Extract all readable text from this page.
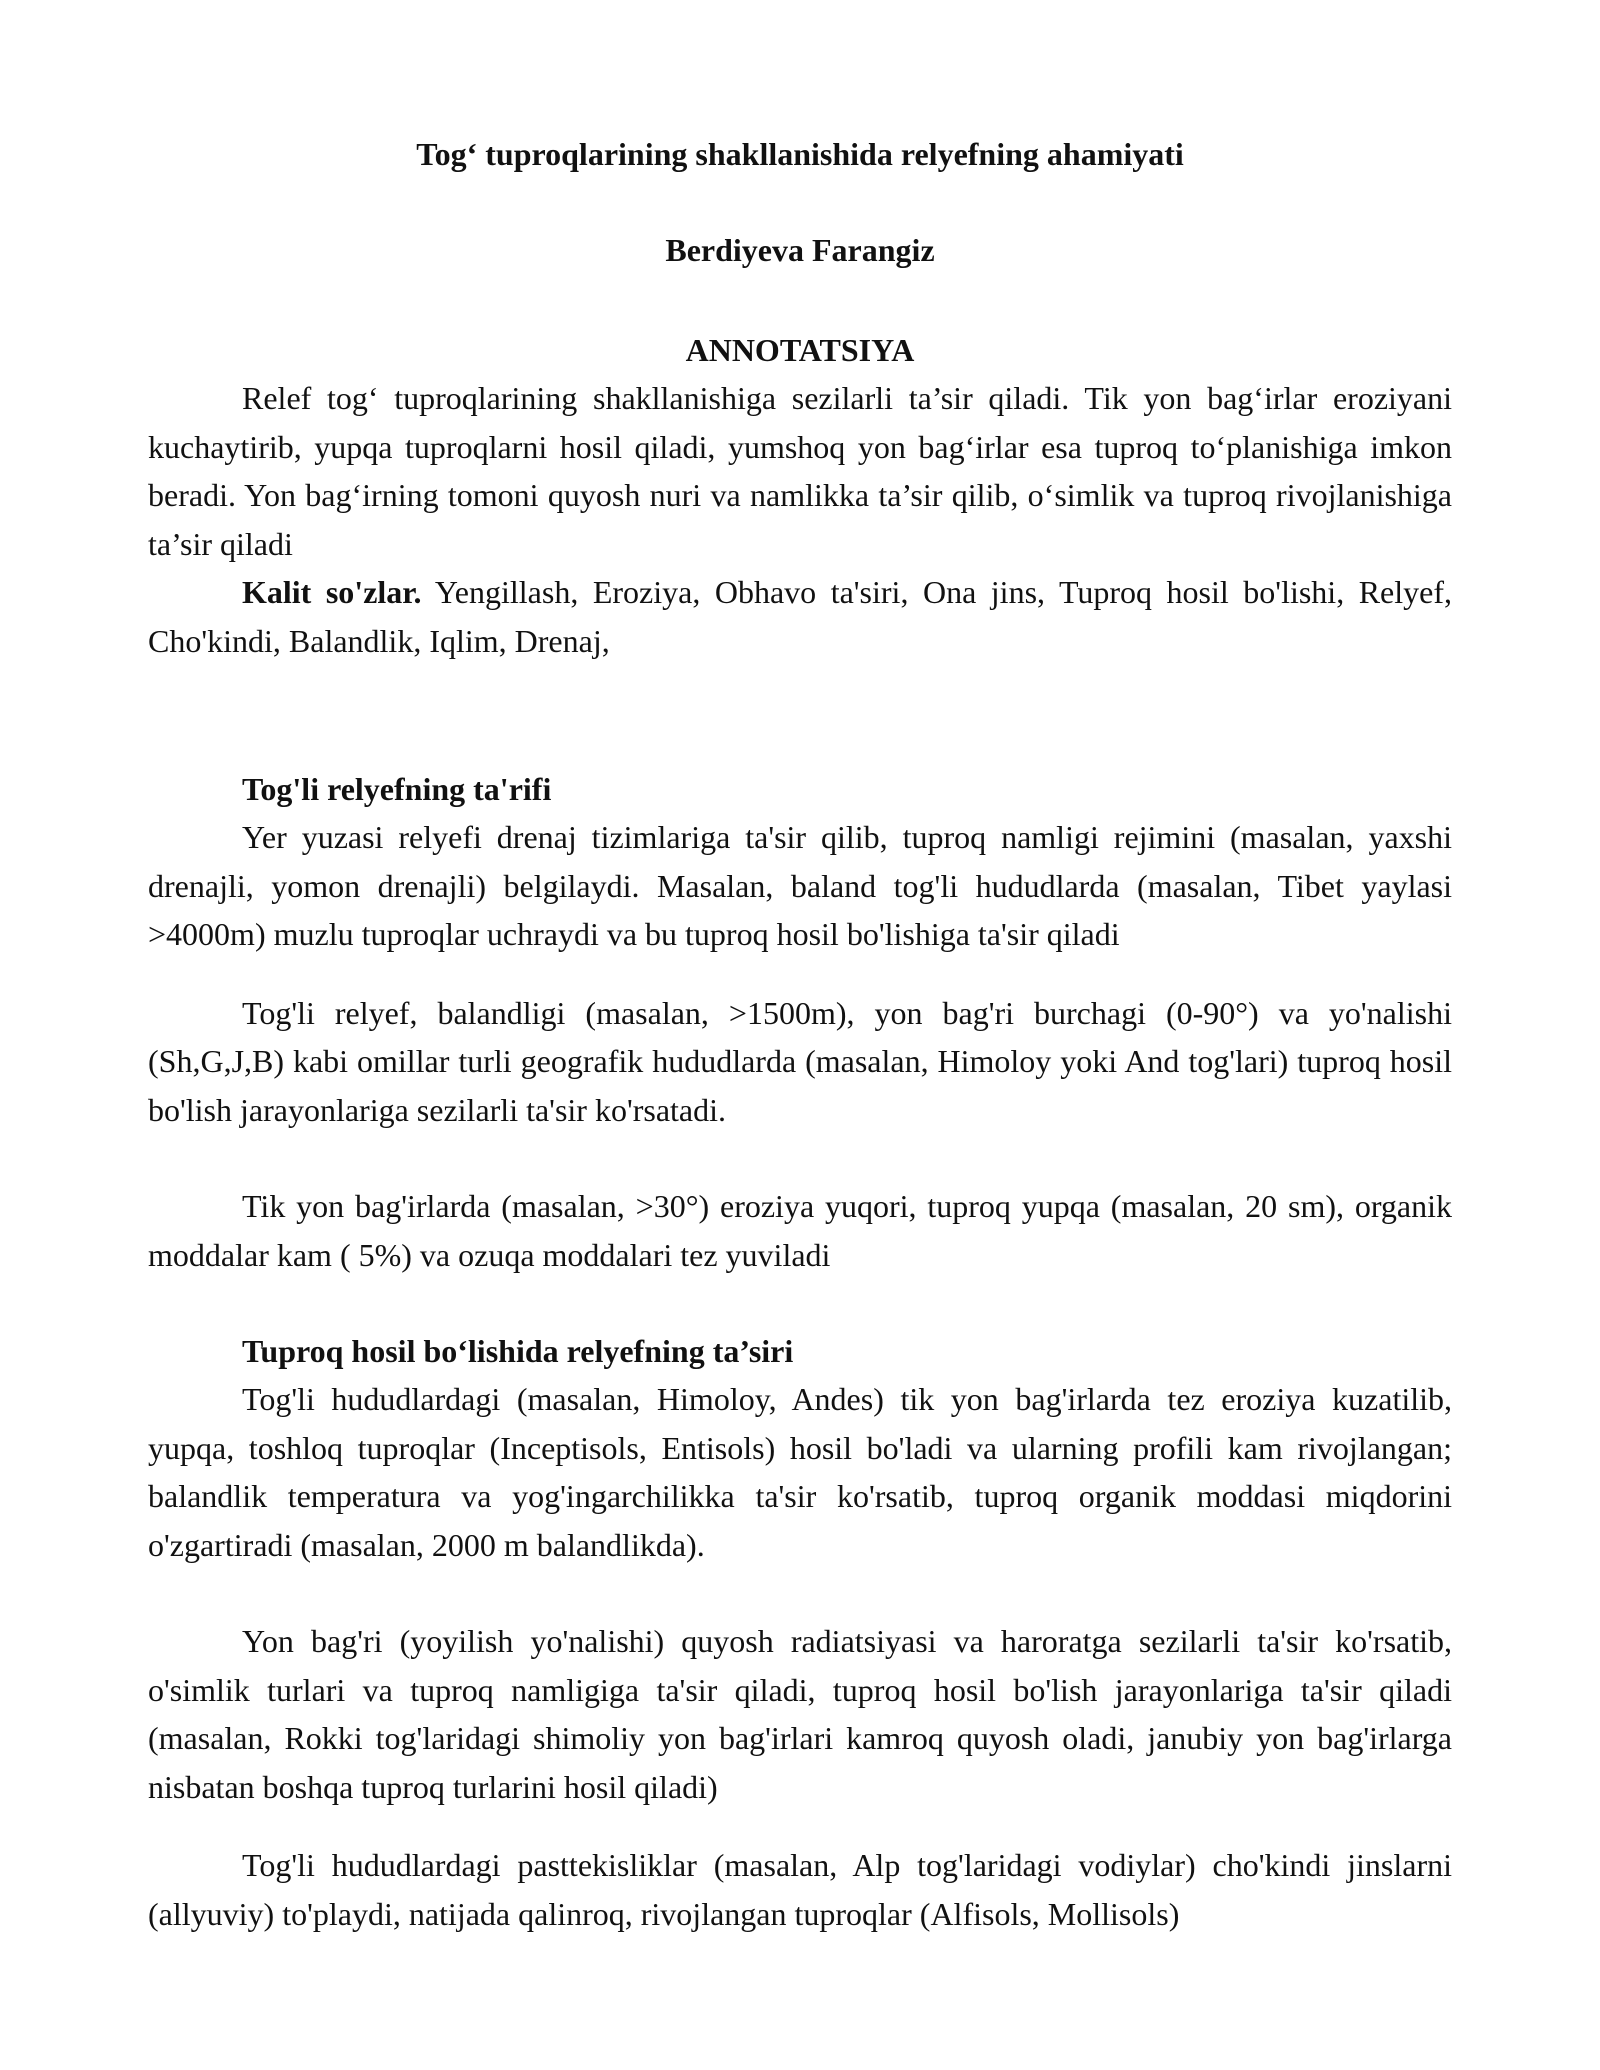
Tog‘ tuproqlarining shakllanishida relyefning ahamiyati
Berdiyeva Farangiz
ANNOTATSIYA

Relef tog‘ tuproqlarining shakllanishiga sezilarli ta’sir qiladi. Tik yon bag‘irlar eroziyani kuchaytirib, yupqa tuproqlarni hosil qiladi, yumshoq yon bag‘irlar esa tuproq to‘planishiga imkon beradi. Yon bag‘irning tomoni quyosh nuri va namlikka ta’sir qilib, o‘simlik va tuproq rivojlanishiga ta’sir qiladi

Kalit so'zlar. Yengillash, Eroziya, Obhavo ta'siri, Ona jins, Tuproq hosil bo'lishi, Relyef, Cho'kindi, Balandlik, Iqlim, Drenaj,

Tog'li relyefning ta'rifi

Yer yuzasi relyefi drenaj tizimlariga ta'sir qilib, tuproq namligi rejimini (masalan, yaxshi drenajli, yomon drenajli) belgilaydi. Masalan, baland tog'li hududlarda (masalan, Tibet yaylasi >4000m) muzlu tuproqlar uchraydi va bu tuproq hosil bo'lishiga ta'sir qiladi

Tog'li relyef, balandligi (masalan, >1500m), yon bag'ri burchagi (0-90°) va yo'nalishi (Sh,G,J,B) kabi omillar turli geografik hududlarda (masalan, Himoloy yoki And tog'lari) tuproq hosil bo'lish jarayonlariga sezilarli ta'sir ko'rsatadi.

Tik yon bag'irlarda (masalan, >30°) eroziya yuqori, tuproq yupqa (masalan, 20 sm), organik moddalar kam ( 5%) va ozuqa moddalari tez yuviladi

Tuproq hosil bo‘lishida relyefning ta’siri

Tog'li hududlardagi (masalan, Himoloy, Andes) tik yon bag'irlarda tez eroziya kuzatilib, yupqa, toshloq tuproqlar (Inceptisols, Entisols) hosil bo'ladi va ularning profili kam rivojlangan; balandlik temperatura va yog'ingarchilikka ta'sir ko'rsatib, tuproq organik moddasi miqdorini o'zgartiradi (masalan, 2000 m balandlikda).

Yon bag'ri (yoyilish yo'nalishi) quyosh radiatsiyasi va haroratga sezilarli ta'sir ko'rsatib, o'simlik turlari va tuproq namligiga ta'sir qiladi, tuproq hosil bo'lish jarayonlariga ta'sir qiladi (masalan, Rokki tog'laridagi shimoliy yon bag'irlari kamroq quyosh oladi, janubiy yon bag'irlarga nisbatan boshqa tuproq turlarini hosil qiladi)

Tog'li hududlardagi pasttekisliklar (masalan, Alp tog'laridagi vodiylar) cho'kindi jinslarni (allyuviy) to'playdi, natijada qalinroq, rivojlangan tuproqlar (Alfisols, Mollisols)
